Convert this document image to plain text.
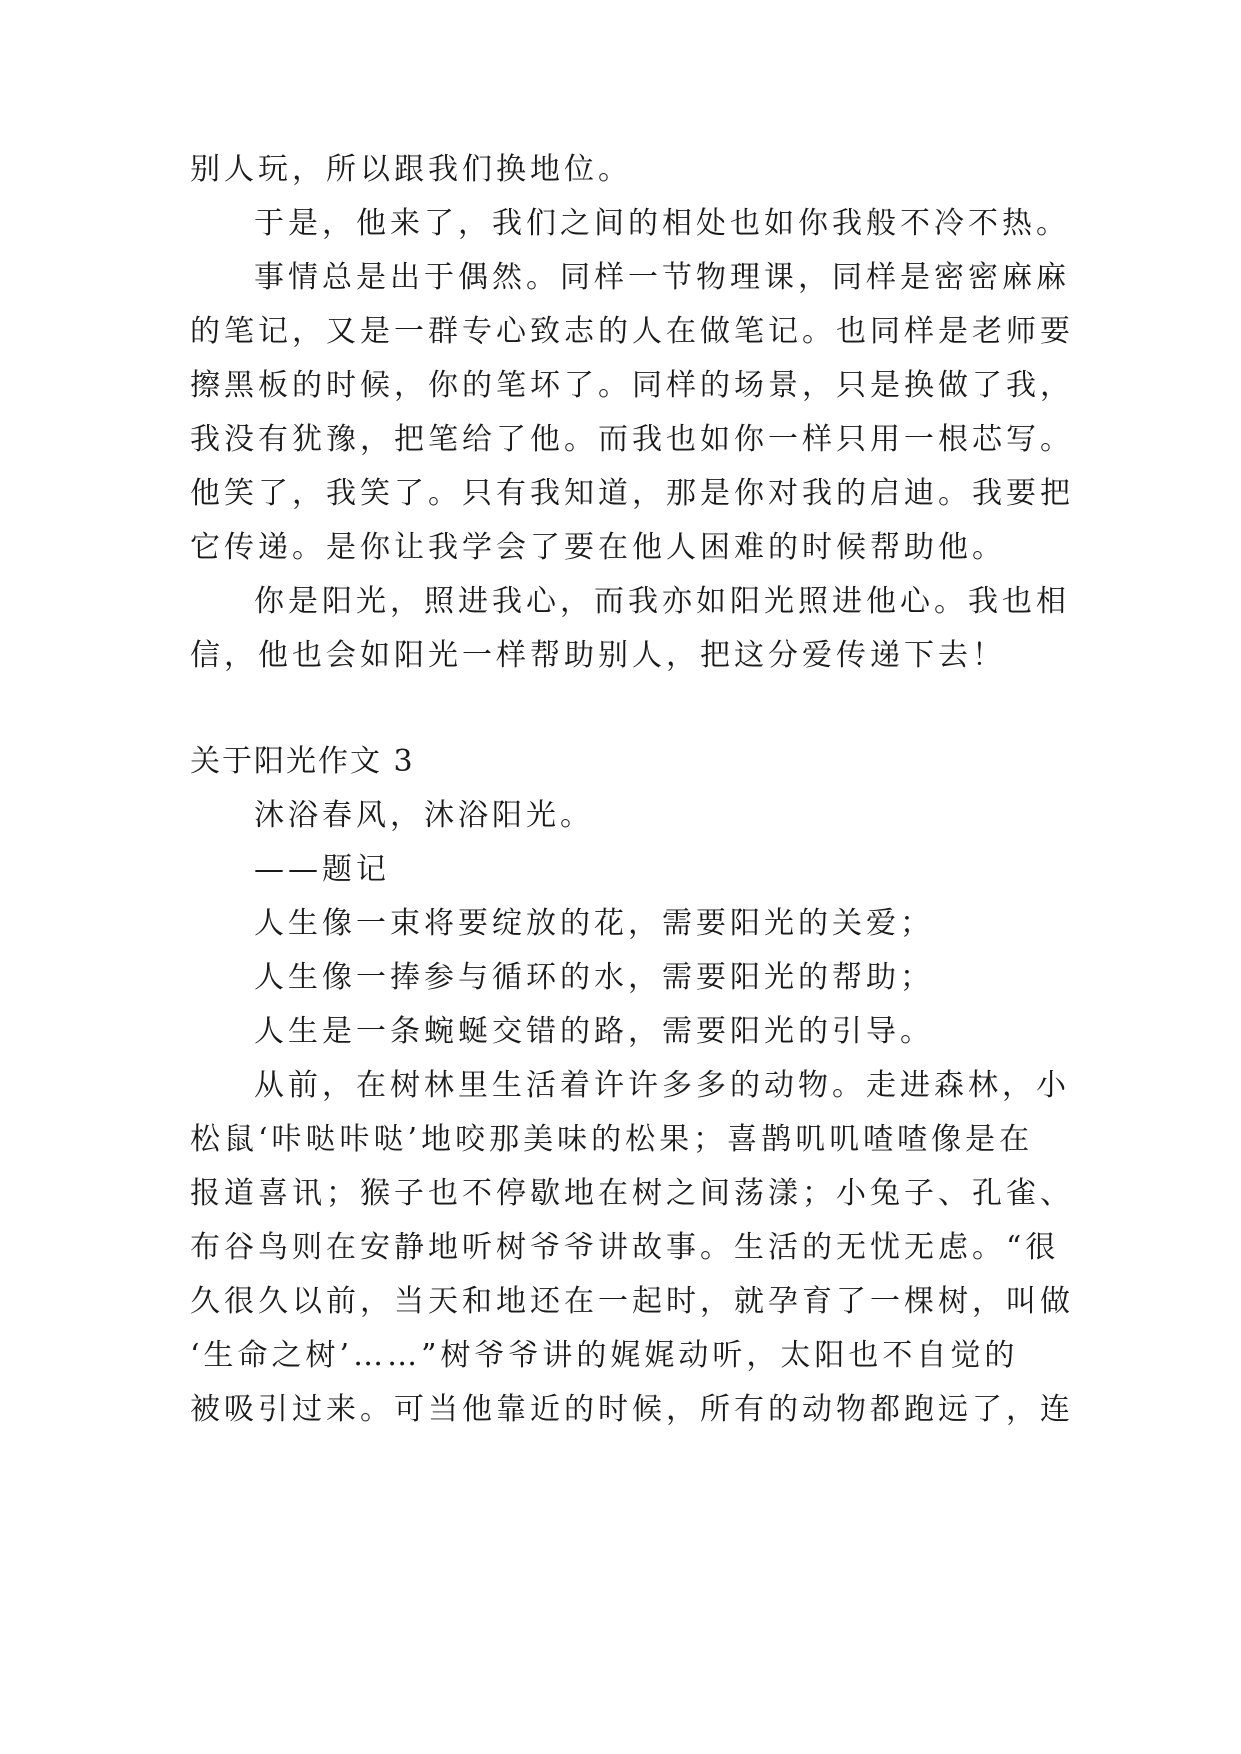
别人玩，所以跟我们换地位。

于是，他来了，我们之间的相处也如你我般不冷不热。

事情总是出于偶然。同样一节物理课，同样是密密麻麻

的笔记，又是一群专心致志的人在做笔记。也同样是老师要

擦黑板的时候，你的笔坏了。同样的场景，只是换做了我，

我没有犹豫，把笔给了他。而我也如你一样只用一根芯写。

他笑了，我笑了。只有我知道，那是你对我的启迪。我要把

它传递。是你让我学会了要在他人困难的时候帮助他。

你是阳光，照进我心，而我亦如阳光照进他心。我也相

信，他也会如阳光一样帮助别人，把这分爱传递下去！

关于阳光作文 3

沐浴春风，沐浴阳光。

——题记

人生像一束将要绽放的花，需要阳光的关爱；

人生像一捧参与循环的水，需要阳光的帮助；

人生是一条蜿蜒交错的路，需要阳光的引导。

从前，在树林里生活着许许多多的动物。走进森林，小

松鼠‘咔哒咔哒’地咬那美味的松果；喜鹊叽叽喳喳像是在

报道喜讯；猴子也不停歇地在树之间荡漾；小兔子、孔雀、

布谷鸟则在安静地听树爷爷讲故事。生活的无忧无虑。“很

久很久以前，当天和地还在一起时，就孕育了一棵树，叫做

‘生命之树’……”树爷爷讲的娓娓动听，太阳也不自觉的

被吸引过来。可当他靠近的时候，所有的动物都跑远了，连
